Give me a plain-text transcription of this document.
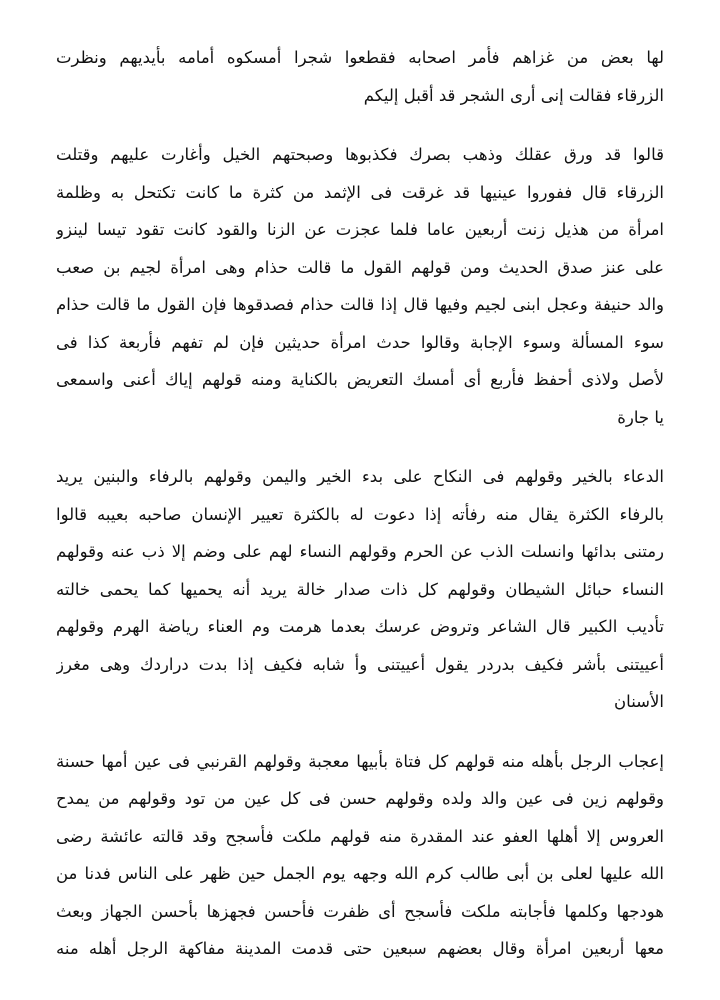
لها بعض من غزاهم فأمر اصحابه فقطعوا شجرا أمسكوه أمامه بأيديهم ونظرت
الزرقاء فقالت إنى أرى الشجر قد أقبل إليكم
قالوا قد ورق عقلك وذهب بصرك فكذبوها وصبحتهم الخيل وأغارت عليهم وقتلت
الزرقاء قال ففوروا عينيها قد غرقت فى الإثمد من كثرة ما كانت تكتحل به وظلمة
امرأة من هذيل زنت أربعين عاما فلما عجزت عن الزنا والقود كانت تقود تيسا لينزو
على عنز صدق الحديث ومن قولهم القول ما قالت حذام وهى امرأة لجيم بن صعب
والد حنيفة وعجل ابنى لجيم وفيها قال إذا قالت حذام فصدقوها فإن القول ما قالت حذام
سوء المسألة وسوء الإجابة وقالوا حدث امرأة حديثين فإن لم تفهم فأربعة كذا فى
لأصل ولاذى أحفظ فأربع أى أمسك التعريض بالكناية ومنه قولهم إياك أعنى واسمعى
يا جارة
الدعاء بالخير وقولهم فى النكاح على بدء الخير واليمن وقولهم بالرفاء والبنين يريد
بالرفاء الكثرة يقال منه رفأته إذا دعوت له بالكثرة تعيير الإنسان صاحبه بعيبه قالوا
رمتنى بدائها وانسلت الذب عن الحرم وقولهم النساء لهم على وضم إلا ذب عنه وقولهم
النساء حبائل الشيطان وقولهم كل ذات صدار خالة يريد أنه يحميها كما يحمى خالته
تأديب الكبير قال الشاعر وتروض عرسك بعدما هرمت وم العناء رياضة الهرم وقولهم
أعييتنى بأشر فكيف بدردر يقول أعييتنى وأ شابه فكيف إذا بدت دراردك وهى مغرز
الأسنان
إعجاب الرجل بأهله منه قولهم كل فتاة بأبيها معجبة وقولهم القرنبي فى عين أمها حسنة
وقولهم زين فى عين والد ولده وقولهم حسن فى كل عين من تود وقولهم من يمدح
العروس إلا أهلها العفو عند المقدرة منه قولهم ملكت فأسجح وقد قالته عائشة رضى
الله عليها لعلى بن أبى طالب كرم الله وجهه يوم الجمل حين ظهر على الناس فدنا من
هودجها وكلمها فأجابته ملكت فأسجح أى ظفرت فأحسن فجهزها بأحسن الجهاز وبعث
معها أربعين امرأة وقال بعضهم سبعين حتى قدمت المدينة مفاكهة الرجل أهله منه
